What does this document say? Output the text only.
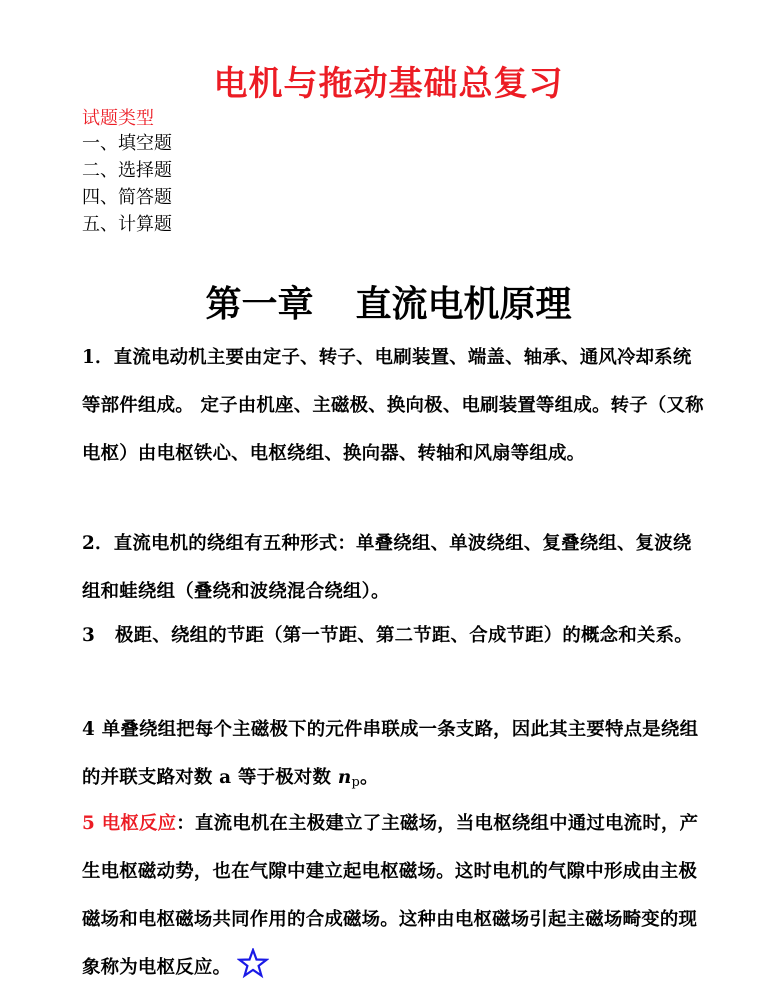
电机与拖动基础总复习
试题类型
一、填空题
二、选择题
四、简答题
五、计算题
第一章 直流电机原理
1．直流电动机主要由定子、转子、电刷装置、端盖、轴承、通风冷却系统等部件组成。 定子由机座、主磁极、换向极、电刷装置等组成。转子（又称电枢）由电枢铁心、电枢绕组、换向器、转轴和风扇等组成。
2．直流电机的绕组有五种形式：单叠绕组、单波绕组、复叠绕组、复波绕组和蛙绕组（叠绕和波绕混合绕组）。
3 极距、绕组的节距（第一节距、第二节距、合成节距）的概念和关系。
4 单叠绕组把每个主磁极下的元件串联成一条支路，因此其主要特点是绕组的并联支路对数 a 等于极对数 np。
5 电枢反应：直流电机在主极建立了主磁场，当电枢绕组中通过电流时，产生电枢磁动势，也在气隙中建立起电枢磁场。这时电机的气隙中形成由主极磁场和电枢磁场共同作用的合成磁场。这种由电枢磁场引起主磁场畸变的现象称为电枢反应。
